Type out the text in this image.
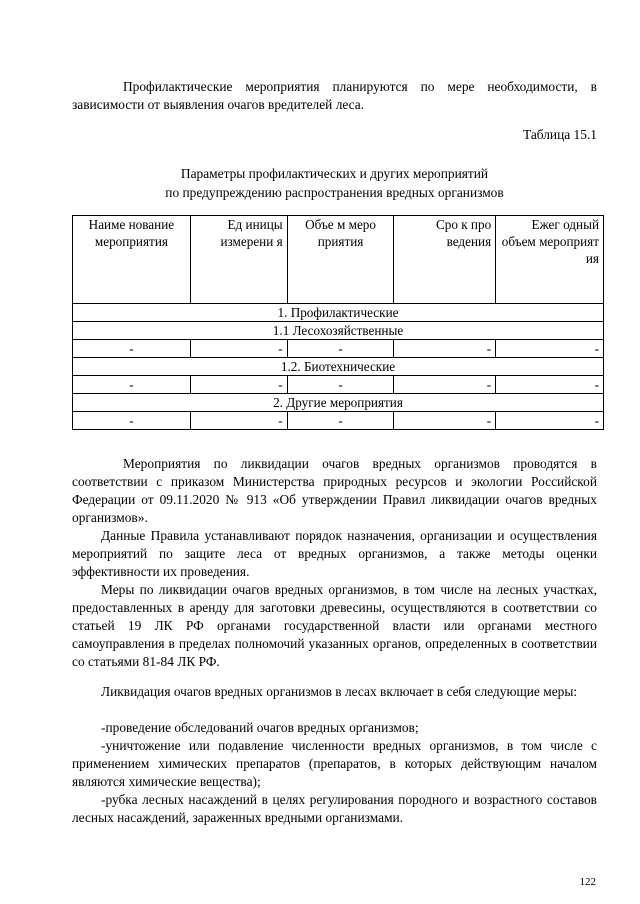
Профилактические мероприятия планируются по мере необходимости, в зависимости от выявления очагов вредителей леса.

Таблица 15.1
Параметры профилактических и других мероприятий
по предупреждению распространения вредных организмов
Наиме нование мероприятия	Ед иницы измерени я	Объе м меро приятия	Сро к про ведения	Ежег одный объем мероприят ия
1. Профилактические				
1.1 Лесохозяйственные				
-	-	-	-	-
1.2. Биотехнические				
-	-	-	-	-
2. Другие мероприятия				
-	-	-	-	-

Мероприятия по ликвидации очагов вредных организмов проводятся в соответствии с приказом Министерства природных ресурсов и экологии Российской Федерации от 09.11.2020 № 913 «Об утверждении Правил ликвидации очагов вредных организмов».

Данные Правила устанавливают порядок назначения, организации и осуществления мероприятий по защите леса от вредных организмов, а также методы оценки эффективности их проведения.

Меры по ликвидации очагов вредных организмов, в том числе на лесных участках, предоставленных в аренду для заготовки древесины, осуществляются в соответствии со статьей 19 ЛК РФ органами государственной власти или органами местного самоуправления в пределах полномочий указанных органов, определенных в соответствии со статьями 81-84 ЛК РФ.

Ликвидация очагов вредных организмов в лесах включает в себя следующие меры:

-проведение обследований очагов вредных организмов;

-уничтожение или подавление численности вредных организмов, в том числе с применением химических препаратов (препаратов, в которых действующим началом являются химические вещества);

-рубка лесных насаждений в целях регулирования породного и возрастного составов лесных насаждений, зараженных вредными организмами.

122
